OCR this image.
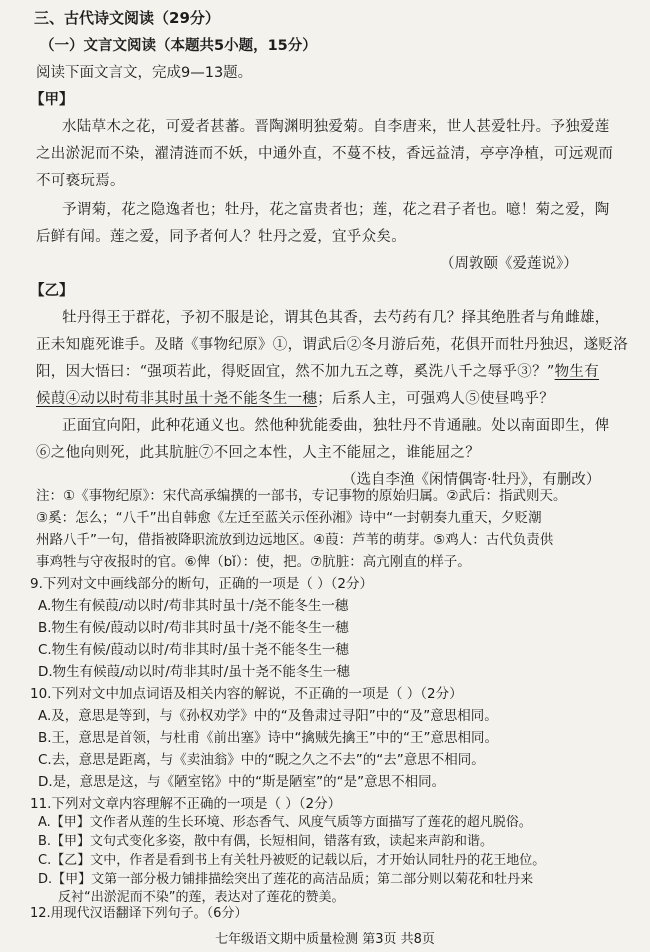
三、古代诗文阅读（29分）
（一）文言文阅读（本题共5小题，15分）
阅读下面文言文，完成9—13题。
【甲】
水陆草木之花，可爱者甚蕃。晋陶渊明独爱菊。自李唐来，世人甚爱牡丹。予独爱莲
之出淤泥而不染，濯清涟而不妖，中通外直，不蔓不枝，香远益清，亭亭净植，可远观而
不可亵玩焉。
予谓菊，花之隐逸者也；牡丹，花之富贵者也；莲，花之君子者也。噫！菊之爱，陶
后鲜有闻。莲之爱，同予者何人？牡丹之爱，宜乎众矣。
（周敦颐《爱莲说》）
【乙】
牡丹得王于群花，予初不服是论，谓其色其香，去芍药有几？择其绝胜者与角雌雄，
正未知鹿死谁手。及睹《事物纪原》①，谓武后②冬月游后苑，花俱开而牡丹独迟，遂贬洛
阳，因大悟曰：“强项若此，得贬固宜，然不加九五之尊，奚洗八千之辱乎③？”物生有
候葭④动以时苟非其时虽十尧不能冬生一穗；后系人主，可强鸡人⑤使昼鸣乎？
正面宜向阳，此种花通义也。然他种犹能委曲，独牡丹不肯通融。处以南面即生，俾
⑥之他向则死，此其肮脏⑦不回之本性，人主不能屈之，谁能屈之？
（选自李渔《闲情偶寄·牡丹》，有删改）
注：①《事物纪原》：宋代高承编撰的一部书，专记事物的原始归属。②武后：指武则天。
③奚：怎么；“八千”出自韩愈《左迁至蓝关示侄孙湘》诗中“一封朝奏九重天，夕贬潮
州路八千”一句，借指被降职流放到边远地区。④葭：芦苇的萌芽。⑤鸡人：古代负责供
事鸡牲与守夜报时的官。⑥俾（bǐ）：使，把。⑦肮脏：高亢刚直的样子。
9.下列对文中画线部分的断句，正确的一项是（ ）（2分）
A.物生有候葭/动以时/苟非其时虽十/尧不能冬生一穗
B.物生有候/葭动以时/苟非其时虽十/尧不能冬生一穗
C.物生有候/葭动以时/苟非其时/虽十尧不能冬生一穗
D.物生有候葭/动以时/苟非其时/虽十尧不能冬生一穗
10.下列对文中加点词语及相关内容的解说，不正确的一项是（ ）（2分）
A.及，意思是等到，与《孙权劝学》中的“及鲁肃过寻阳”中的“及”意思相同。
B.王，意思是首领，与杜甫《前出塞》诗中“擒贼先擒王”中的“王”意思相同。
C.去，意思是距离，与《卖油翁》中的“睨之久之不去”的“去”意思不相同。
D.是，意思是这，与《陋室铭》中的“斯是陋室”的“是”意思不相同。
11.下列对文章内容理解不正确的一项是（ ）（2分）
七年级语文期中质量检测 第3页 共8页
A.【甲】文作者从莲的生长环境、形态香气、风度气质等方面描写了莲花的超凡脱俗。
B.【甲】文句式变化多姿，散中有偶，长短相间，错落有致，读起来声韵和谐。
C.【乙】文中，作者是看到书上有关牡丹被贬的记载以后，才开始认同牡丹的花王地位。
D.【甲】文第一部分极力铺排描绘突出了莲花的高洁品质；第二部分则以菊花和牡丹来
反衬“出淤泥而不染”的莲，表达对了莲花的赞美。
12.用现代汉语翻译下列句子。（6分）
